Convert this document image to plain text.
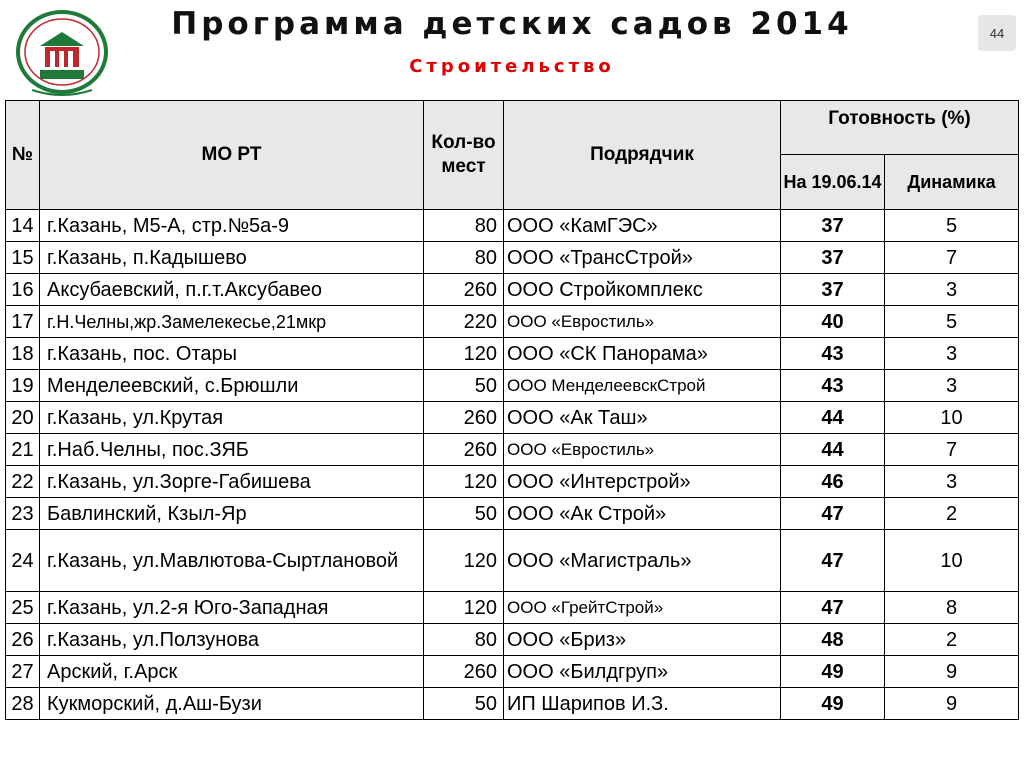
Программа детских садов 2014
Строительство
44
№	МО РТ	Кол-во мест	Подрядчик	Готовность (%)	
				На 19.06.14	Динамика
14	г.Казань, М5-А, стр.№5а-9	80	ООО «КамГЭС»	37	5
15	г.Казань, п.Кадышево	80	ООО «ТрансСтрой»	37	7
16	Аксубаевский, п.г.т.Аксубавео	260	ООО Стройкомплекс	37	3
17	г.Н.Челны,жр.Замелекесье,21мкр	220	ООО «Евростиль»	40	5
18	г.Казань, пос. Отары	120	ООО «СК Панорама»	43	3
19	Менделеевский, с.Брюшли	50	ООО МенделеевскСтрой	43	3
20	г.Казань, ул.Крутая	260	ООО «Ак Таш»	44	10
21	г.Наб.Челны, пос.ЗЯБ	260	ООО «Евростиль»	44	7
22	г.Казань, ул.Зорге-Габишева	120	ООО «Интерстрой»	46	3
23	Бавлинский, Кзыл-Яр	50	ООО «Ак Строй»	47	2
24	г.Казань, ул.Мавлютова-Сыртлановой	120	ООО «Магистраль»	47	10
25	г.Казань, ул.2-я Юго-Западная	120	ООО «ГрейтСтрой»	47	8
26	г.Казань, ул.Ползунова	80	ООО «Бриз»	48	2
27	Арский, г.Арск	260	ООО «Билдгруп»	49	9
28	Кукморский, д.Аш-Бузи	50	ИП Шарипов И.З.	49	9
